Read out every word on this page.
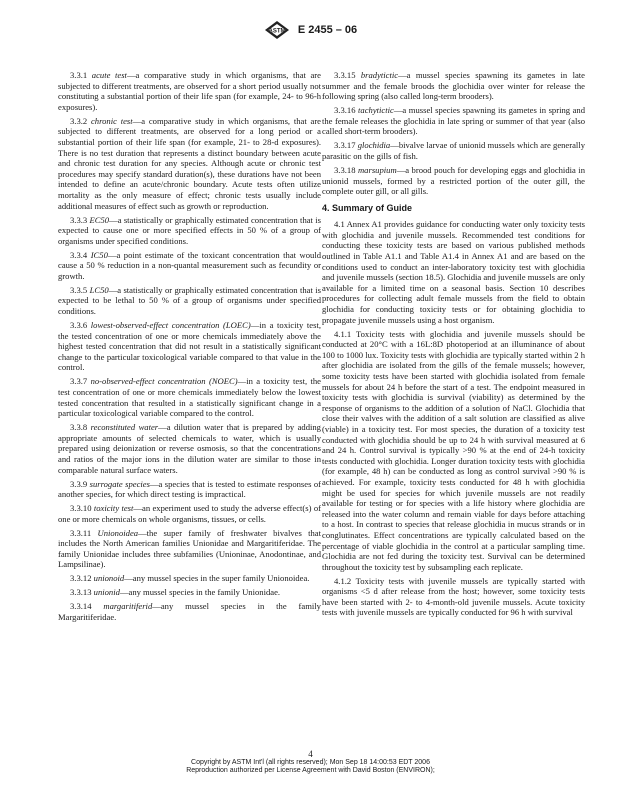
ASTM E 2455 – 06

3.3.1 acute test—a comparative study in which organisms, that are subjected to different treatments, are observed for a short period usually not constituting a substantial portion of their life span (for example, 24- to 96-h exposures).

3.3.2 chronic test—a comparative study in which organisms, that are subjected to different treatments, are observed for a long period or a substantial portion of their life span (for example, 21- to 28-d exposures). There is no test duration that represents a distinct boundary between acute and chronic test duration for any species. Although acute or chronic test procedures may specify standard duration(s), these durations have not been intended to define an acute/chronic boundary. Acute tests often utilize mortality as the only measure of effect; chronic tests usually include additional measures of effect such as growth or reproduction.

3.3.3 EC50—a statistically or graphically estimated concentration that is expected to cause one or more specified effects in 50 % of a group of organisms under specified conditions.

3.3.4 IC50—a point estimate of the toxicant concentration that would cause a 50 % reduction in a non-quantal measurement such as fecundity or growth.

3.3.5 LC50—a statistically or graphically estimated concentration that is expected to be lethal to 50 % of a group of organisms under specified conditions.

3.3.6 lowest-observed-effect concentration (LOEC)—in a toxicity test, the tested concentration of one or more chemicals immediately above the highest tested concentration that did not result in a statistically significant change to the particular toxicological variable compared to that value in the control.

3.3.7 no-observed-effect concentration (NOEC)—in a toxicity test, the test concentration of one or more chemicals immediately below the lowest tested concentration that resulted in a statistically significant change in a particular toxicological variable compared to the control.

3.3.8 reconstituted water—a dilution water that is prepared by adding appropriate amounts of selected chemicals to water, which is usually prepared using deionization or reverse osmosis, so that the concentrations and ratios of the major ions in the dilution water are similar to those in comparable natural surface waters.

3.3.9 surrogate species—a species that is tested to estimate responses of another species, for which direct testing is impractical.

3.3.10 toxicity test—an experiment used to study the adverse effect(s) of one or more chemicals on whole organisms, tissues, or cells.

3.3.11 Unionoidea—the super family of freshwater bivalves that includes the North American families Unionidae and Margaritiferidae. The family Unionidae includes three subfamilies (Unioninae, Anodontinae, and Lampsilinae).

3.3.12 unionoid—any mussel species in the super family Unionoidea.

3.3.13 unionid—any mussel species in the family Unionidae.

3.3.14 margaritiferid—any mussel species in the family Margaritiferidae.

3.3.15 bradytictic—a mussel species spawning its gametes in late summer and the female broods the glochidia over winter for release the following spring (also called long-term brooders).

3.3.16 tachytictic—a mussel species spawning its gametes in spring and the female releases the glochidia in late spring or summer of that year (also called short-term brooders).

3.3.17 glochidia—bivalve larvae of unionid mussels which are generally parasitic on the gills of fish.

3.3.18 marsupium—a brood pouch for developing eggs and glochidia in unionid mussels, formed by a restricted portion of the outer gill, the complete outer gill, or all gills.

4. Summary of Guide

4.1 Annex A1 provides guidance for conducting water only toxicity tests with glochidia and juvenile mussels. Recommended test conditions for conducting these toxicity tests are based on various published methods outlined in Table A1.1 and Table A1.4 in Annex A1 and are based on the conditions used to conduct an inter-laboratory toxicity test with glochidia and juvenile mussels (section 18.5). Glochidia and juvenile mussels are only available for a limited time on a seasonal basis. Section 10 describes procedures for collecting adult female mussels from the field to obtain glochidia for conducting toxicity tests or for obtaining glochidia to propagate juvenile mussels using a host organism.

4.1.1 Toxicity tests with glochidia and juvenile mussels should be conducted at 20°C with a 16L:8D photoperiod at an illuminance of about 100 to 1000 lux. Toxicity tests with glochidia are typically started within 2 h after glochidia are isolated from the gills of the female mussels; however, some toxicity tests have been started with glochidia isolated from female mussels for about 24 h before the start of a test. The endpoint measured in toxicity tests with glochidia is survival (viability) as determined by the response of organisms to the addition of a solution of NaCl. Glochidia that close their valves with the addition of a salt solution are classified as alive (viable) in a toxicity test. For most species, the duration of a toxicity test conducted with glochidia should be up to 24 h with survival measured at 6 and 24 h. Control survival is typically >90 % at the end of 24-h toxicity tests conducted with glochidia. Longer duration toxicity tests with glochidia (for example, 48 h) can be conducted as long as control survival >90 % is achieved. For example, toxicity tests conducted for 48 h with glochidia might be used for species for which juvenile mussels are not readily available for testing or for species with a life history where glochidia are released into the water column and remain viable for days before attaching to a host. In contrast to species that release glochidia in mucus strands or in conglutinates. Effect concentrations are typically calculated based on the percentage of viable glochidia in the control at a particular sampling time. Glochidia are not fed during the toxicity test. Survival can be determined throughout the toxicity test by subsampling each replicate.

4.1.2 Toxicity tests with juvenile mussels are typically started with organisms <5 d after release from the host; however, some toxicity tests have been started with 2- to 4-month-old juvenile mussels. Acute toxicity tests with juvenile mussels are typically conducted for 96 h with survival

4
Copyright by ASTM Int'l (all rights reserved); Mon Sep 18 14:00:53 EDT 2006
Reproduction authorized per License Agreement with David Boston (ENVIRON);
